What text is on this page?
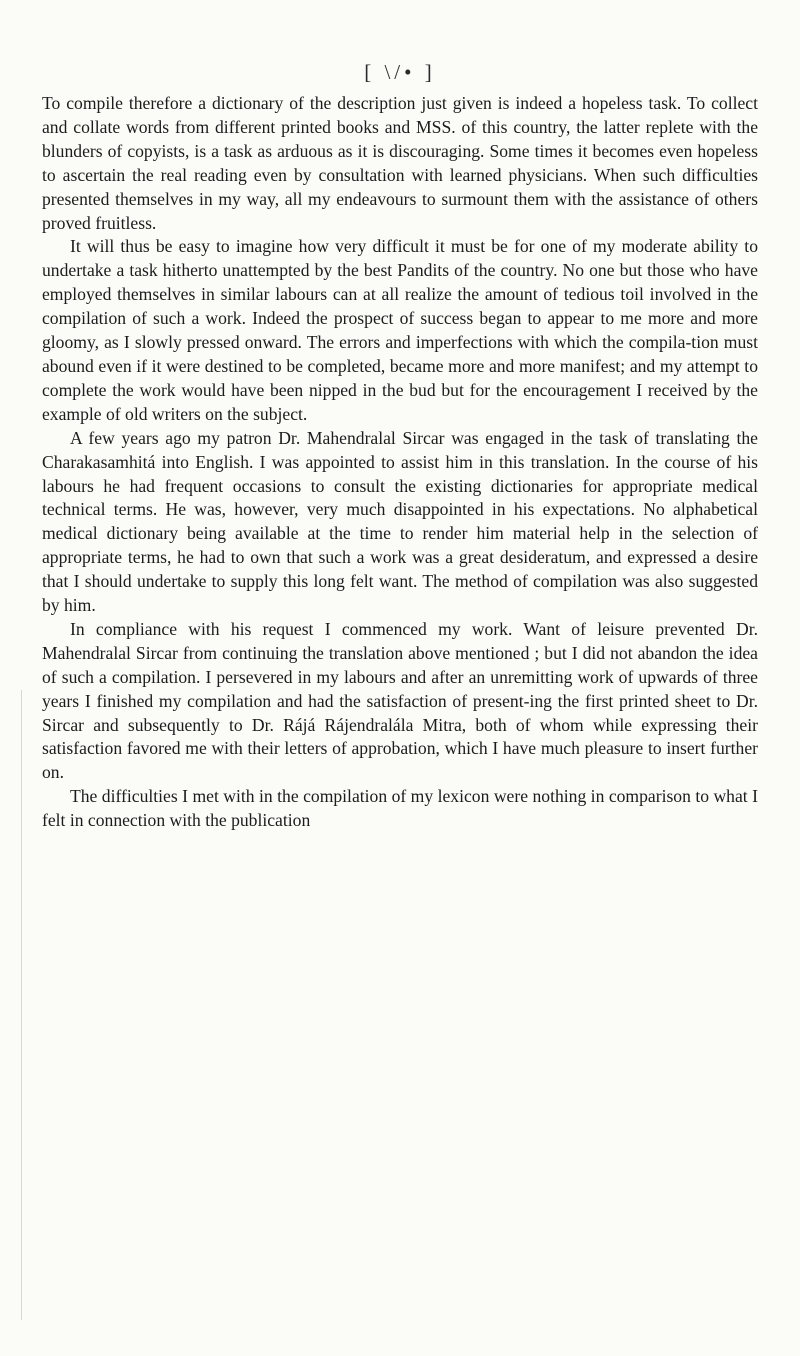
[ \/• ]

To compile therefore a dictionary of the description just given is indeed a hopeless task. To collect and collate words from different printed books and MSS. of this country, the latter replete with the blunders of copyists, is a task as arduous as it is discouraging. Some times it becomes even hopeless to ascertain the real reading even by consultation with learned physicians. When such difficulties presented themselves in my way, all my endeavours to surmount them with the assistance of others proved fruitless.

It will thus be easy to imagine how very difficult it must be for one of my moderate ability to undertake a task hitherto unattempted by the best Pandits of the country. No one but those who have employed themselves in similar labours can at all realize the amount of tedious toil involved in the compilation of such a work. Indeed the prospect of success began to appear to me more and more gloomy, as I slowly pressed onward. The errors and imperfections with which the compila-tion must abound even if it were destined to be completed, became more and more manifest; and my attempt to complete the work would have been nipped in the bud but for the encouragement I received by the example of old writers on the subject.

A few years ago my patron Dr. Mahendralal Sircar was engaged in the task of translating the Charakasamhitá into English. I was appointed to assist him in this translation. In the course of his labours he had frequent occasions to consult the existing dictionaries for appropriate medical technical terms. He was, however, very much disappointed in his expectations. No alphabetical medical dictionary being available at the time to render him material help in the selection of appropriate terms, he had to own that such a work was a great desideratum, and expressed a desire that I should undertake to supply this long felt want. The method of compilation was also suggested by him.

In compliance with his request I commenced my work. Want of leisure prevented Dr. Mahendralal Sircar from continuing the translation above mentioned ; but I did not abandon the idea of such a compilation. I persevered in my labours and after an unremitting work of upwards of three years I finished my compilation and had the satisfaction of present-ing the first printed sheet to Dr. Sircar and subsequently to Dr. Rájá Rájendralála Mitra, both of whom while expressing their satisfaction favored me with their letters of approbation, which I have much pleasure to insert further on.

The difficulties I met with in the compilation of my lexicon were nothing in comparison to what I felt in connection with the publication
